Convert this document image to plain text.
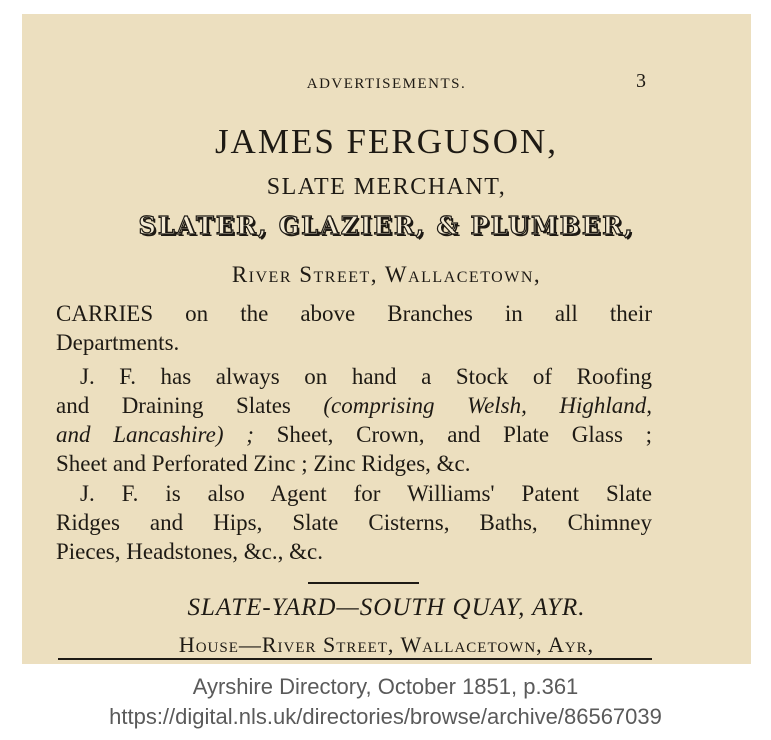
ADVERTISEMENTS.	3
JAMES FERGUSON,
SLATE MERCHANT,
SLATER, GLAZIER, & PLUMBER,
River Street, Wallacetown,
CARRIES on the above Branches in all their
Departments.
J. F. has always on hand a Stock of Roofing
and Draining Slates (comprising Welsh, Highland,
and Lancashire) ; Sheet, Crown, and Plate Glass ;
Sheet and Perforated Zinc ; Zinc Ridges, &c.
J. F. is also Agent for Williams' Patent Slate
Ridges and Hips, Slate Cisterns, Baths, Chimney
Pieces, Headstones, &c., &c.
SLATE-YARD—SOUTH QUAY, AYR.
House—River Street, Wallacetown, Ayr,
Ayrshire Directory, October 1851, p.361
https://digital.nls.uk/directories/browse/archive/86567039
